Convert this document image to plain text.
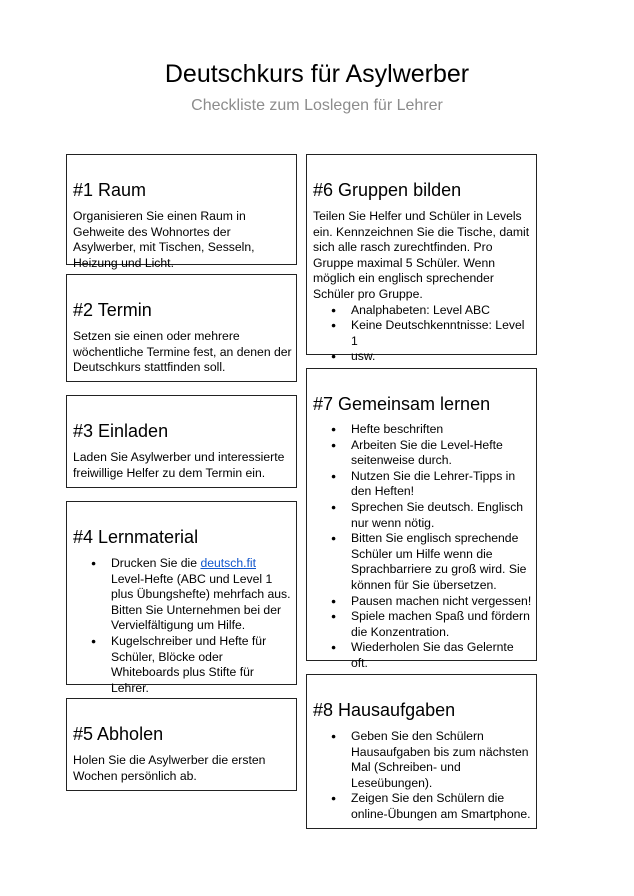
Deutschkurs für Asylwerber
Checkliste zum Loslegen für Lehrer
#1 Raum

Organisieren Sie einen Raum in Gehweite des Wohnortes der Asylwerber, mit Tischen, Sesseln, Heizung und Licht.

#2 Termin

Setzen sie einen oder mehrere wöchentliche Termine fest, an denen der Deutschkurs stattfinden soll.

#3 Einladen

Laden Sie Asylwerber und interessierte freiwillige Helfer zu dem Termin ein.

#4 Lernmaterial
● Drucken Sie die deutsch.fit Level-Hefte (ABC und Level 1 plus Übungshefte) mehrfach aus. Bitten Sie Unternehmen bei der Vervielfältigung um Hilfe.
● Kugelschreiber und Hefte für Schüler, Blöcke oder Whiteboards plus Stifte für Lehrer.
#5 Abholen

Holen Sie die Asylwerber die ersten Wochen persönlich ab.

#6 Gruppen bilden

Teilen Sie Helfer und Schüler in Levels ein. Kennzeichnen Sie die Tische, damit sich alle rasch zurechtfinden. Pro Gruppe maximal 5 Schüler. Wenn möglich ein englisch sprechender Schüler pro Gruppe.

● Analphabeten: Level ABC
● Keine Deutschkenntnisse: Level 1
● usw.
#7 Gemeinsam lernen
● Hefte beschriften
● Arbeiten Sie die Level-Hefte seitenweise durch.
● Nutzen Sie die Lehrer-Tipps in den Heften!
● Sprechen Sie deutsch. Englisch nur wenn nötig.
● Bitten Sie englisch sprechende Schüler um Hilfe wenn die Sprachbarriere zu groß wird. Sie können für Sie übersetzen.
● Pausen machen nicht vergessen!
● Spiele machen Spaß und fördern die Konzentration.
● Wiederholen Sie das Gelernte oft.
#8 Hausaufgaben
● Geben Sie den Schülern Hausaufgaben bis zum nächsten Mal (Schreiben- und Leseübungen).
● Zeigen Sie den Schülern die online-Übungen am Smartphone.
